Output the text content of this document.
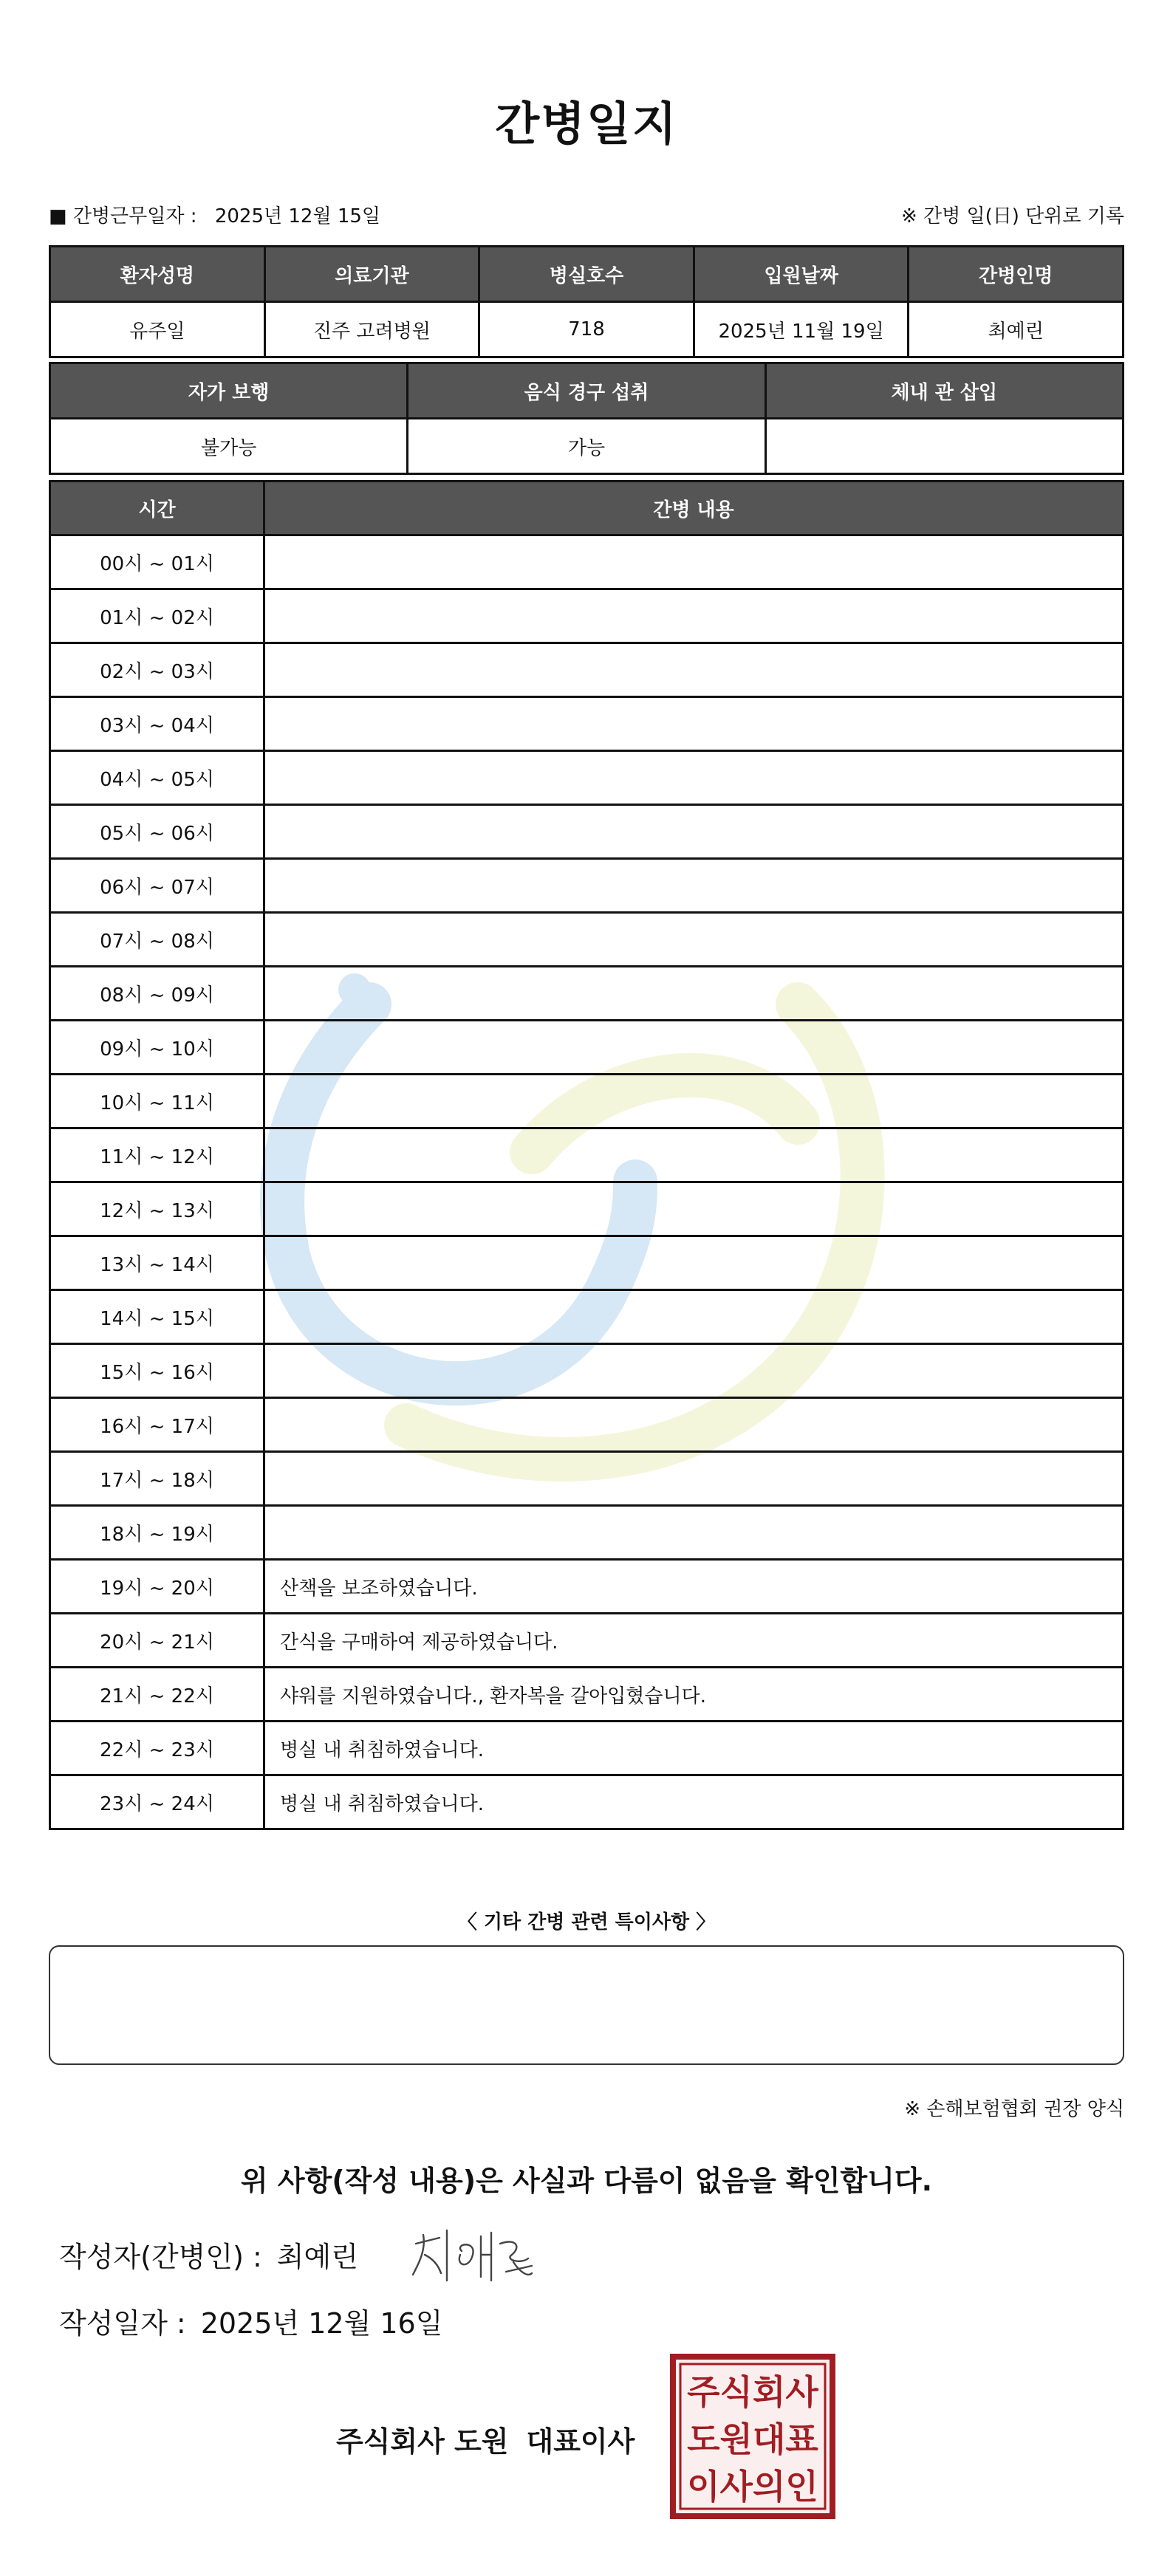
간병일지
■ 간병근무일자 : 2025년 12월 15일	※ 간병 일(日) 단위로 기록
환자성명	의료기관	병실호수	입원날짜	간병인명
유주일	진주 고려병원	718	2025년 11월 19일	최예린
자가 보행	음식 경구 섭취	체내 관 삽입
불가능	가능	
시간	간병 내용
00시 ~ 01시	
01시 ~ 02시	
02시 ~ 03시	
03시 ~ 04시	
04시 ~ 05시	
05시 ~ 06시	
06시 ~ 07시	
07시 ~ 08시	
08시 ~ 09시	
09시 ~ 10시	
10시 ~ 11시	
11시 ~ 12시	
12시 ~ 13시	
13시 ~ 14시	
14시 ~ 15시	
15시 ~ 16시	
16시 ~ 17시	
17시 ~ 18시	
18시 ~ 19시	
19시 ~ 20시	산책을 보조하였습니다.
20시 ~ 21시	간식을 구매하여 제공하였습니다.
21시 ~ 22시	샤워를 지원하였습니다., 환자복을 갈아입혔습니다.
22시 ~ 23시	병실 내 취침하였습니다.
23시 ~ 24시	병실 내 취침하였습니다.
〈 기타 간병 관련 특이사항 〉
※ 손해보험협회 권장 양식
위 사항(작성 내용)은 사실과 다름이 없음을 확인합니다.
작성자(간병인) : 최예린
작성일자 : 2025년 12월 16일
주식회사 도원 대표이사
주식회사
도원대표
이사의인
